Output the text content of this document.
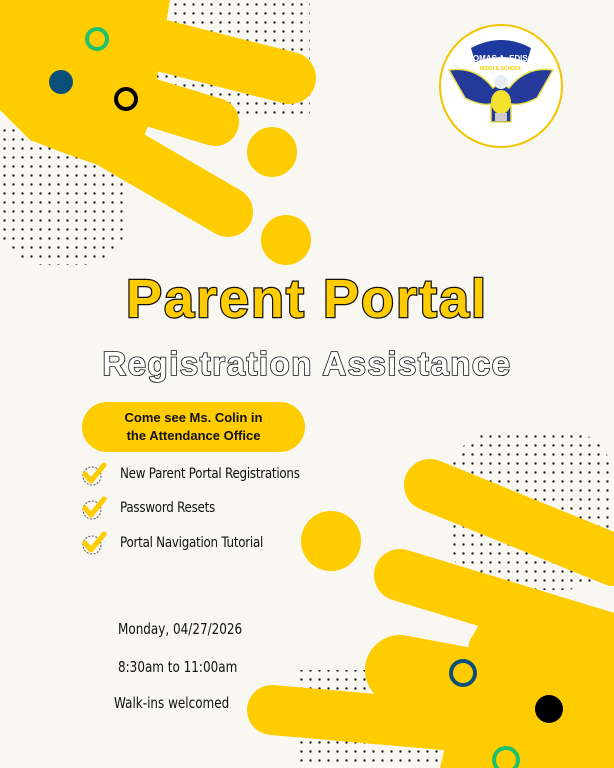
THOMAS A. EDISON
MIDDLE SCHOOL
Parent Portal
Registration Assistance
Come see Ms. Colin in
the Attendance Office
New Parent Portal Registrations
Password Resets
Portal Navigation Tutorial
Monday, 04/27/2026
8:30am to 11:00am
Walk-ins welcomed
